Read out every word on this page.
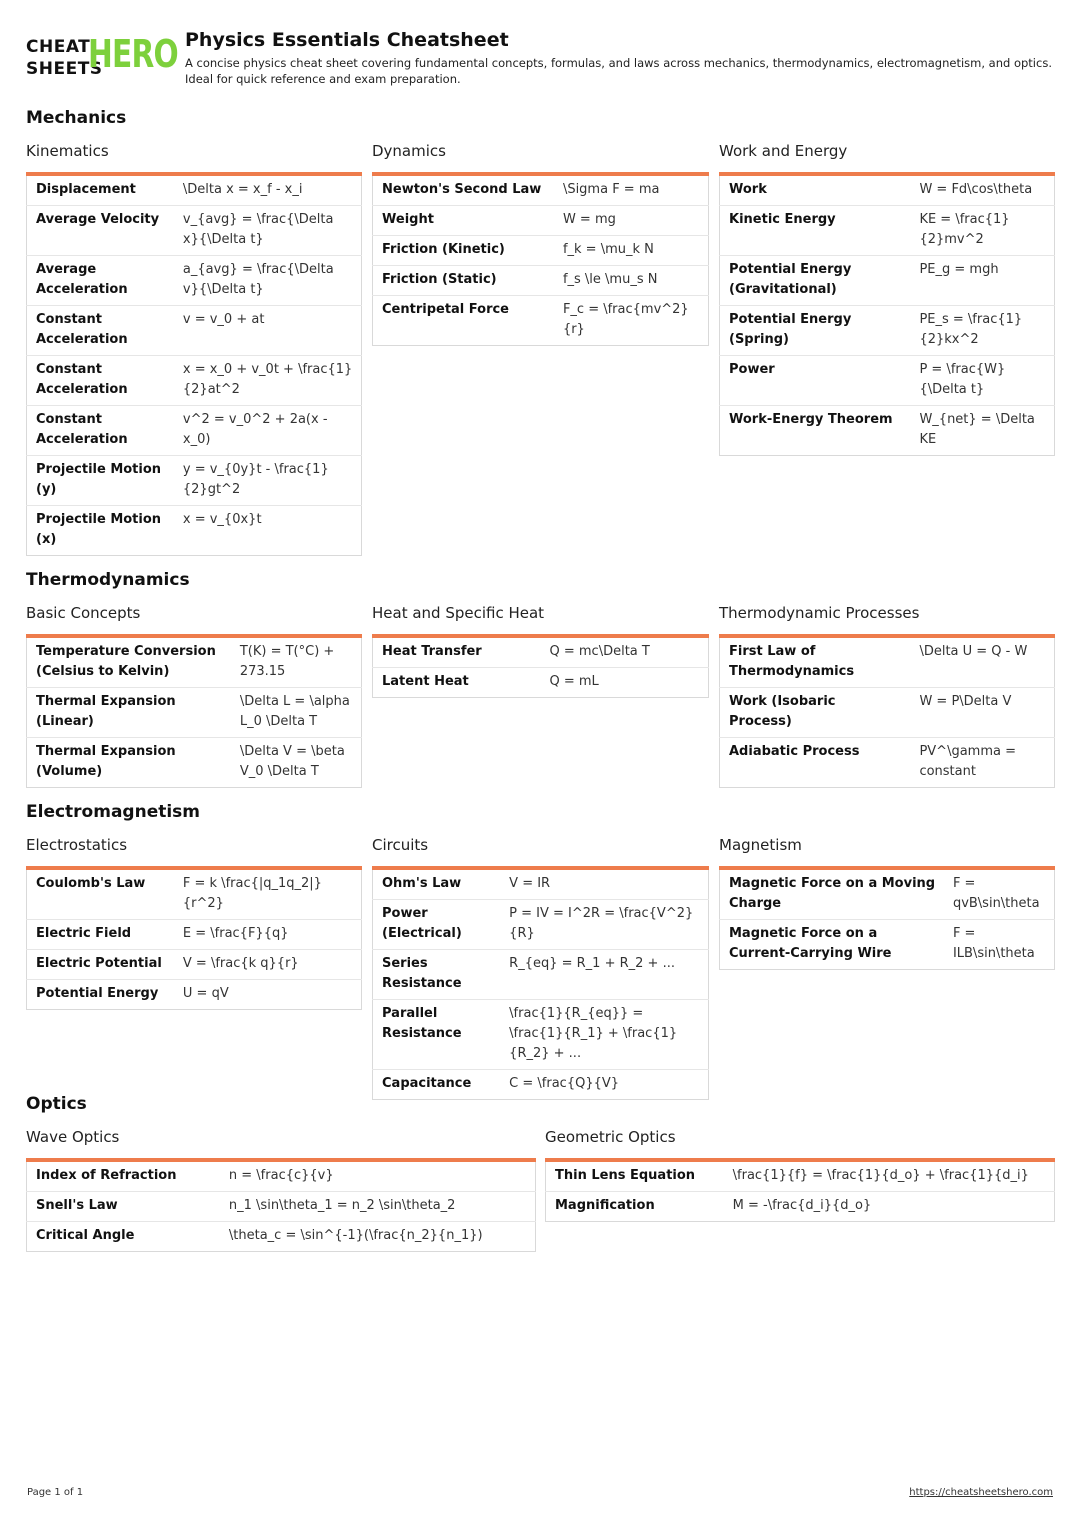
CHEAT
SHEETS
HERO Physics Essentials Cheatsheet
A concise physics cheat sheet covering fundamental concepts, formulas, and laws across mechanics, thermodynamics, electromagnetism, and optics. Ideal for quick reference and exam preparation.
Mechanics
Kinematics
Displacement	\Delta x = x_f - x_i
Average Velocity	v_{avg} = \frac{\Delta x}{\Delta t}
Average Acceleration	a_{avg} = \frac{\Delta v}{\Delta t}
Constant Acceleration	v = v_0 + at
Constant Acceleration	x = x_0 + v_0t + \frac{1}{2}at^2
Constant Acceleration	v^2 = v_0^2 + 2a(x - x_0)
Projectile Motion (y)	y = v_{0y}t - \frac{1}{2}gt^2
Projectile Motion (x)	x = v_{0x}t
Dynamics
Newton's Second Law	\Sigma F = ma
Weight	W = mg
Friction (Kinetic)	f_k = \mu_k N
Friction (Static)	f_s \le \mu_s N
Centripetal Force	F_c = \frac{mv^2}{r}
Work and Energy
Work	W = Fd\cos\theta
Kinetic Energy	KE = \frac{1}{2}mv^2
Potential Energy (Gravitational)	PE_g = mgh
Potential Energy (Spring)	PE_s = \frac{1}{2}kx^2
Power	P = \frac{W}{\Delta t}
Work-Energy Theorem	W_{net} = \Delta KE
Thermodynamics
Basic Concepts
Temperature Conversion (Celsius to Kelvin)	T(K) = T(°C) + 273.15
Thermal Expansion (Linear)	\Delta L = \alpha L_0 \Delta T
Thermal Expansion (Volume)	\Delta V = \beta V_0 \Delta T
Heat and Specific Heat
Heat Transfer	Q = mc\Delta T
Latent Heat	Q = mL
Thermodynamic Processes
First Law of Thermodynamics	\Delta U = Q - W
Work (Isobaric Process)	W = P\Delta V
Adiabatic Process	PV^\gamma = constant
Electromagnetism
Electrostatics
Coulomb's Law	F = k \frac{|q_1q_2|}{r^2}
Electric Field	E = \frac{F}{q}
Electric Potential	V = \frac{k q}{r}
Potential Energy	U = qV
Circuits
Ohm's Law	V = IR
Power (Electrical)	P = IV = I^2R = \frac{V^2}{R}
Series Resistance	R_{eq} = R_1 + R_2 + ...
Parallel Resistance	\frac{1}{R_{eq}} = \frac{1}{R_1} + \frac{1}{R_2} + ...
Capacitance	C = \frac{Q}{V}
Magnetism
Magnetic Force on a Moving Charge	F = qvB\sin\theta
Magnetic Force on a Current-Carrying Wire	F = ILB\sin\theta
Optics
Wave Optics
Index of Refraction	n = \frac{c}{v}
Snell's Law	n_1 \sin\theta_1 = n_2 \sin\theta_2
Critical Angle	\theta_c = \sin^{-1}(\frac{n_2}{n_1})
Geometric Optics
Thin Lens Equation	\frac{1}{f} = \frac{1}{d_o} + \frac{1}{d_i}
Magnification	M = -\frac{d_i}{d_o}
Page 1 of 1	https://cheatsheetshero.com
